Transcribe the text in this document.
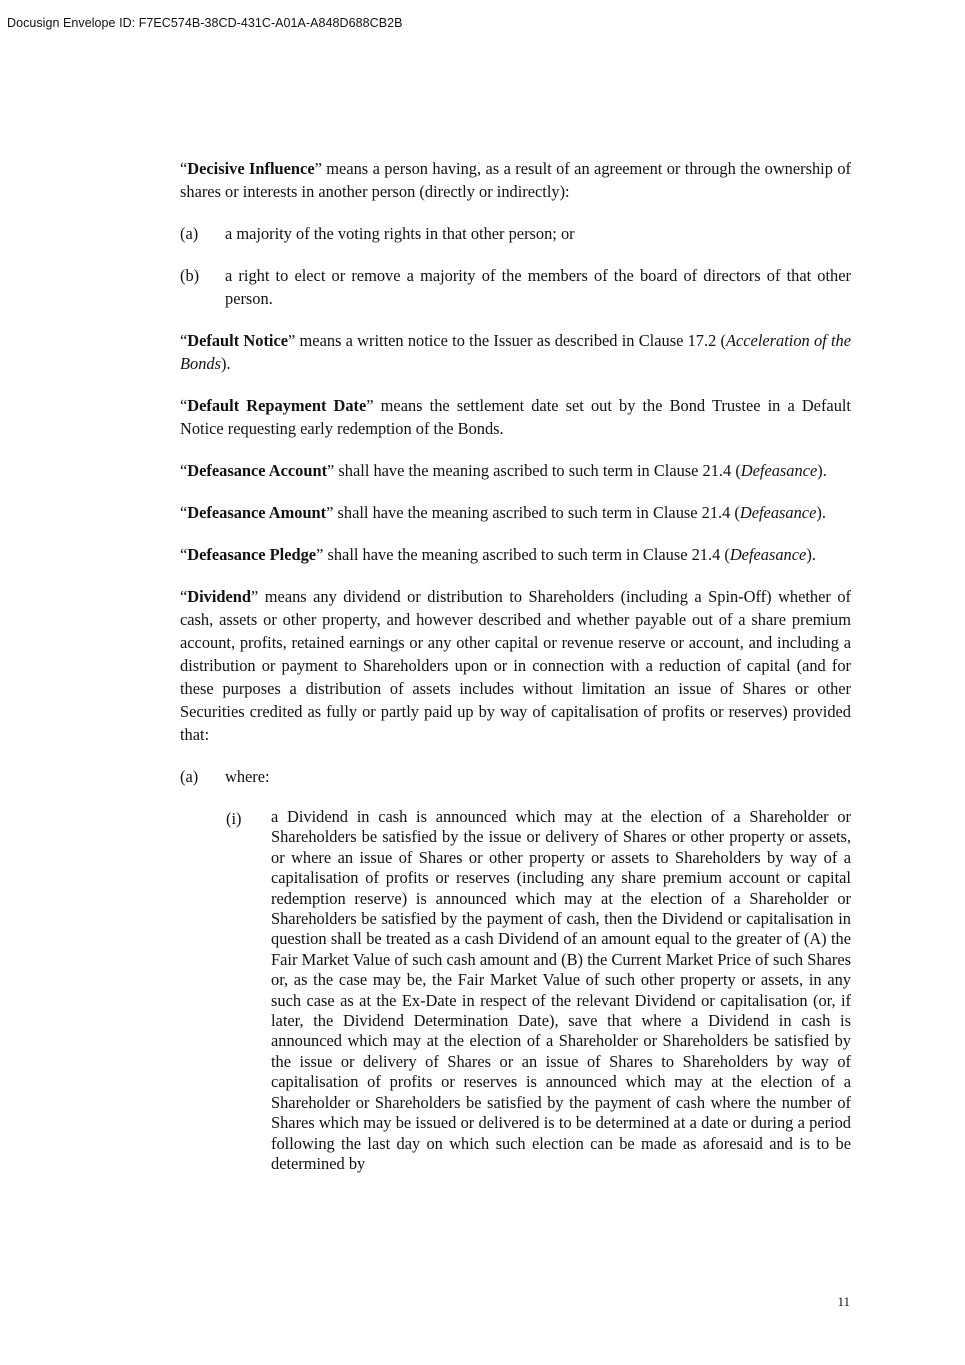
Docusign Envelope ID: F7EC574B-38CD-431C-A01A-A848D688CB2B

“Decisive Influence” means a person having, as a result of an agreement or through the ownership of shares or interests in another person (directly or indirectly):

(a)	a majority of the voting rights in that other person; or
(b)	a right to elect or remove a majority of the members of the board of directors of that other person.

“Default Notice” means a written notice to the Issuer as described in Clause 17.2 (Acceleration of the Bonds).

“Default Repayment Date” means the settlement date set out by the Bond Trustee in a Default Notice requesting early redemption of the Bonds.

“Defeasance Account” shall have the meaning ascribed to such term in Clause 21.4 (Defeasance).

“Defeasance Amount” shall have the meaning ascribed to such term in Clause 21.4 (Defeasance).

“Defeasance Pledge” shall have the meaning ascribed to such term in Clause 21.4 (Defeasance).

“Dividend” means any dividend or distribution to Shareholders (including a Spin-Off) whether of cash, assets or other property, and however described and whether payable out of a share premium account, profits, retained earnings or any other capital or revenue reserve or account, and including a distribution or payment to Shareholders upon or in connection with a reduction of capital (and for these purposes a distribution of assets includes without limitation an issue of Shares or other Securities credited as fully or partly paid up by way of capitalisation of profits or reserves) provided that:

(a)	where:
(i)	a Dividend in cash is announced which may at the election of a Shareholder or Shareholders be satisfied by the issue or delivery of Shares or other property or assets, or where an issue of Shares or other property or assets to Shareholders by way of a capitalisation of profits or reserves (including any share premium account or capital redemption reserve) is announced which may at the election of a Shareholder or Shareholders be satisfied by the payment of cash, then the Dividend or capitalisation in question shall be treated as a cash Dividend of an amount equal to the greater of (A) the Fair Market Value of such cash amount and (B) the Current Market Price of such Shares or, as the case may be, the Fair Market Value of such other property or assets, in any such case as at the Ex-Date in respect of the relevant Dividend or capitalisation (or, if later, the Dividend Determination Date), save that where a Dividend in cash is announced which may at the election of a Shareholder or Shareholders be satisfied by the issue or delivery of Shares or an issue of Shares to Shareholders by way of capitalisation of profits or reserves is announced which may at the election of a Shareholder or Shareholders be satisfied by the payment of cash where the number of Shares which may be issued or delivered is to be determined at a date or during a period following the last day on which such election can be made as aforesaid and is to be determined by
11
